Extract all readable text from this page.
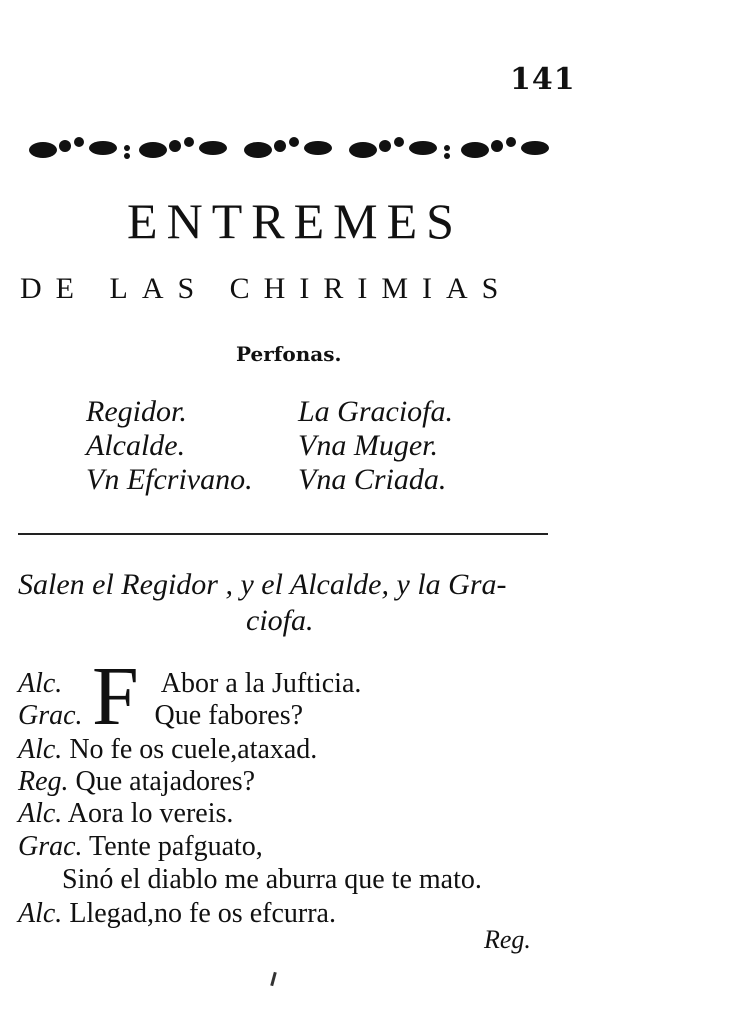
141
ENTREMES
DE LAS CHIRIMIAS
Perfonas.
Regidor.
Alcalde.
Vn Efcrivano.
La Graciofa.
Vna Muger.
Vna Criada.
Salen el Regidor , y el Alcalde, y la Gra-
ciofa.
F
Alc.	Abor a la Jufticia.
Grac.	Que fabores?
Alc. No fe os cuele,ataxad.
Reg. Que atajadores?
Alc. Aora lo vereis.
Grac. Tente pafguato,
Sinó el diablo me aburra que te mato.
Alc. Llegad,no fe os efcurra.
Reg.
